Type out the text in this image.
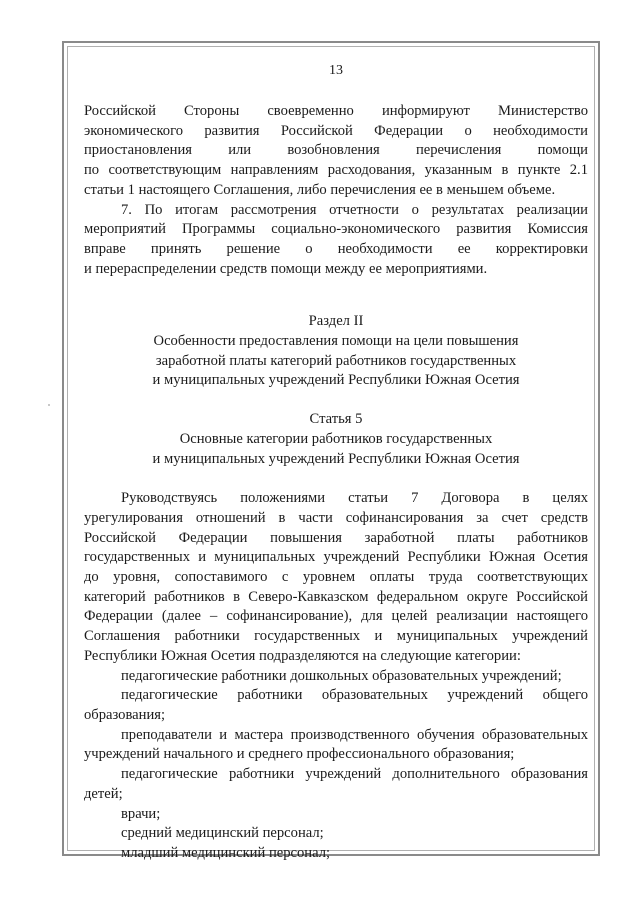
13

Российской Стороны своевременно информируют Министерство

экономического развития Российской Федерации о необходимости

приостановления или возобновления перечисления помощи

по соответствующим направлениям расходования, указанным в пункте 2.1

статьи 1 настоящего Соглашения, либо перечисления ее в меньшем объеме.

7. По итогам рассмотрения отчетности о результатах реализации

мероприятий Программы социально-экономического развития Комиссия

вправе принять решение о необходимости ее корректировки

и перераспределении средств помощи между ее мероприятиями.

Раздел II

Особенности предоставления помощи на цели повышения

заработной платы категорий работников государственных

и муниципальных учреждений Республики Южная Осетия

Статья 5

Основные категории работников государственных

и муниципальных учреждений Республики Южная Осетия

Руководствуясь положениями статьи 7 Договора в целях

урегулирования отношений в части софинансирования за счет средств

Российской Федерации повышения заработной платы работников

государственных и муниципальных учреждений Республики Южная Осетия

до уровня, сопоставимого с уровнем оплаты труда соответствующих

категорий работников в Северо-Кавказском федеральном округе Российской

Федерации (далее – софинансирование), для целей реализации настоящего

Соглашения работники государственных и муниципальных учреждений

Республики Южная Осетия подразделяются на следующие категории:

педагогические работники дошкольных образовательных учреждений;

педагогические работники образовательных учреждений общего

образования;

преподаватели и мастера производственного обучения образовательных

учреждений начального и среднего профессионального образования;

педагогические работники учреждений дополнительного образования

детей;

врачи;

средний медицинский персонал;

младший медицинский персонал;
